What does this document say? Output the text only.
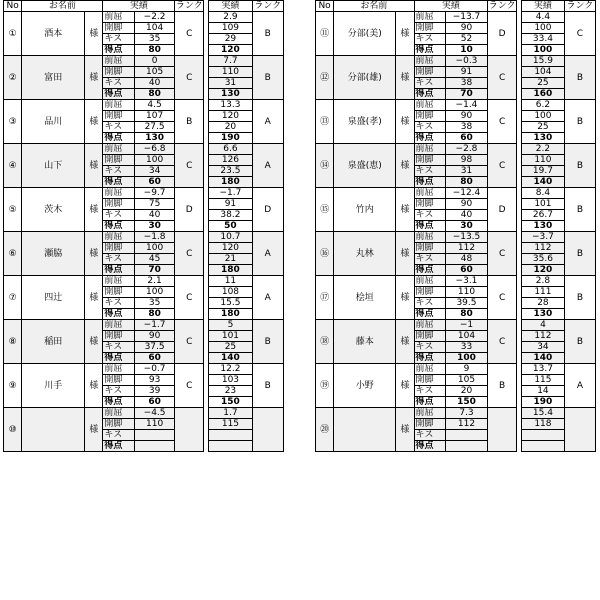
No	お名前		実績		ランク		実績	ランク
①	酒本	様	前屈	−2.2	C		2.9	B
			開脚	104			109	
			キス	35			29	
			得点	80			120	
②	富田	様	前屈	0	C		7.7	B
			開脚	105			110	
			キス	40			31	
			得点	80			130	
③	品川	様	前屈	4.5	B		13.3	A
			開脚	107			120	
			キス	27.5			20	
			得点	130			190	
④	山下	様	前屈	−6.8	C		6.6	A
			開脚	100			126	
			キス	34			23.5	
			得点	60			180	
⑤	茨木	様	前屈	−9.7	D		−1.7	D
			開脚	75			91	
			キス	40			38.2	
			得点	30			50	
⑥	瀬脇	様	前屈	−1.8	C		10.7	A
			開脚	100			120	
			キス	45			21	
			得点	70			180	
⑦	四辻	様	前屈	2.1	C		11	A
			開脚	100			108	
			キス	35			15.5	
			得点	80			180	
⑧	稲田	様	前屈	−1.7	C		5	B
			開脚	90			101	
			キス	37.5			25	
			得点	60			140	
⑨	川手	様	前屈	−0.7	C		12.2	B
			開脚	93			103	
			キス	39			23	
			得点	60			150	
⑩		様	前屈	−4.5			1.7	
			開脚	110			115	
			キス					
			得点					
No	お名前		実績		ランク		実績	ランク
⑪	分部(美)	様	前屈	−13.7	D		4.4	C
			開脚	90			100	
			キス	52			33.4	
			得点	10			100	
⑫	分部(雄)	様	前屈	−0.3	C		15.9	B
			開脚	91			104	
			キス	38			25	
			得点	70			160	
⑬	泉盛(孝)	様	前屈	−1.4	C		6.2	B
			開脚	90			100	
			キス	38			25	
			得点	60			130	
⑭	泉盛(恵)	様	前屈	−2.8	C		2.2	B
			開脚	98			110	
			キス	31			19.7	
			得点	80			140	
⑮	竹内	様	前屈	−12.4	D		8.4	B
			開脚	90			101	
			キス	40			26.7	
			得点	30			130	
⑯	丸林	様	前屈	−13.5	C		−3.7	B
			開脚	112			112	
			キス	48			35.6	
			得点	60			120	
⑰	桧垣	様	前屈	−3.1	C		2.8	B
			開脚	110			111	
			キス	39.5			28	
			得点	80			130	
⑱	藤本	様	前屈	−1	C		4	B
			開脚	104			112	
			キス	33			34	
			得点	100			140	
⑲	小野	様	前屈	9	B		13.7	A
			開脚	105			115	
			キス	20			14	
			得点	150			190	
⑳		様	前屈	7.3			15.4	
			開脚	112			118	
			キス					
			得点					
